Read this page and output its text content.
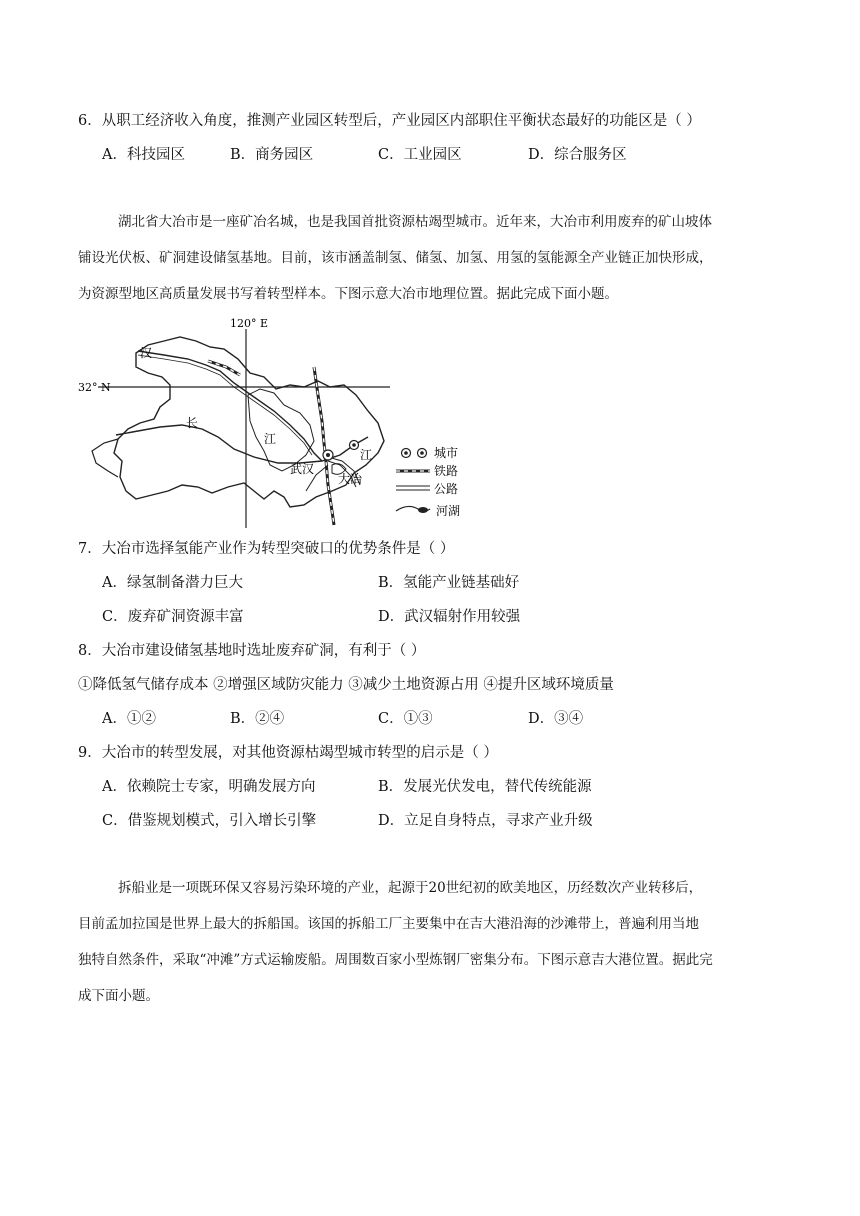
6．从职工经济收入角度，推测产业园区转型后，产业园区内部职住平衡状态最好的功能区是（ ）
A．科技园区	B．商务园区	C．工业园区	D．综合服务区
湖北省大冶市是一座矿冶名城，也是我国首批资源枯竭型城市。近年来，大冶市利用废弃的矿山坡体
铺设光伏板、矿洞建设储氢基地。目前，该市涵盖制氢、储氢、加氢、用氢的氢能源全产业链正加快形成，
为资源型地区高质量发展书写着转型样本。下图示意大冶市地理位置。据此完成下面小题。
120° E
32° N
汉
长
江
武汉
大冶
江	城市
铁路
公路
河湖
7．大冶市选择氢能产业作为转型突破口的优势条件是（ ）
A．绿氢制备潜力巨大	B．氢能产业链基础好
C．废弃矿洞资源丰富	D．武汉辐射作用较强
8．大冶市建设储氢基地时选址废弃矿洞，有利于（ ）
①降低氢气储存成本 ②增强区域防灾能力 ③减少土地资源占用 ④提升区域环境质量
A．①②	B．②④	C．①③	D．③④
9．大冶市的转型发展，对其他资源枯竭型城市转型的启示是（ ）
A．依赖院士专家，明确发展方向	B．发展光伏发电，替代传统能源
C．借鉴规划模式，引入增长引擎	D．立足自身特点，寻求产业升级
拆船业是一项既环保又容易污染环境的产业，起源于20世纪初的欧美地区，历经数次产业转移后，
目前孟加拉国是世界上最大的拆船国。该国的拆船工厂主要集中在吉大港沿海的沙滩带上，普遍利用当地
独特自然条件，采取“冲滩”方式运输废船。周围数百家小型炼钢厂密集分布。下图示意吉大港位置。据此完
成下面小题。
